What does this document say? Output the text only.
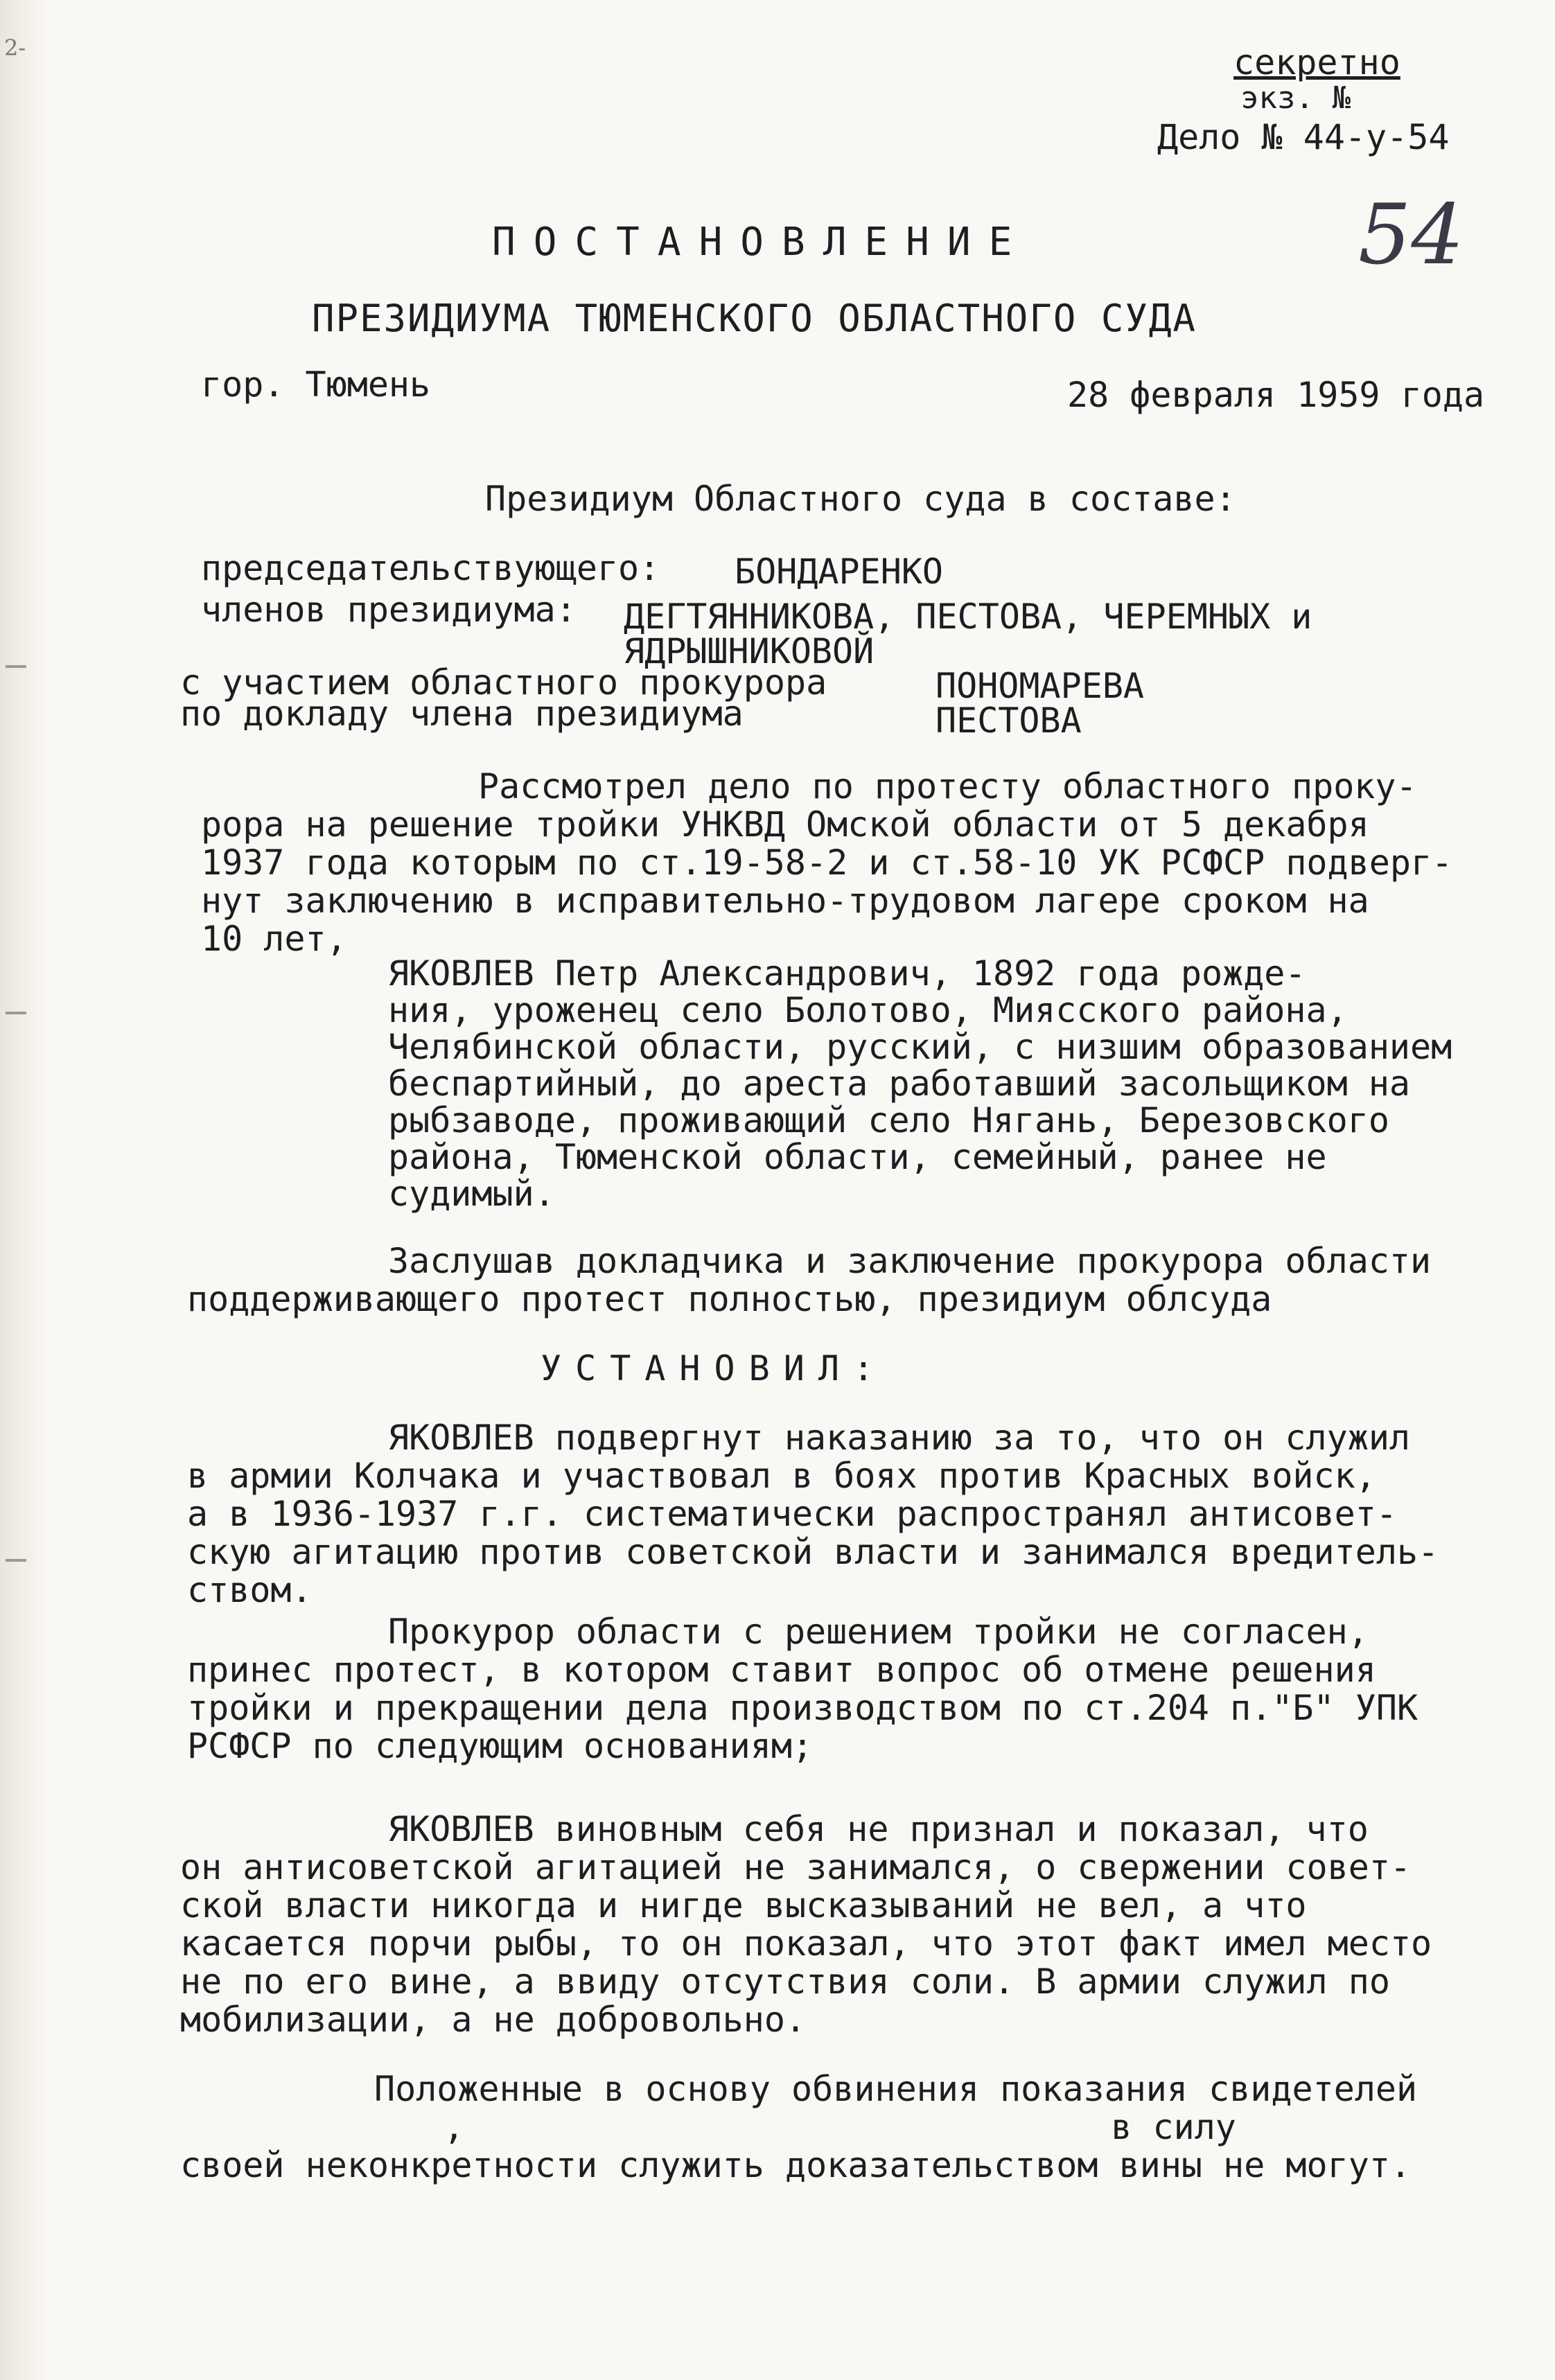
2-	секретно
экз. №
Дело № 44-у-54
54
ПОСТАНОВЛЕНИЕ
ПРЕЗИДИУМА ТЮМЕНСКОГО ОБЛАСТНОГО СУДА
гор. Тюмень	28 февраля 1959 года
Президиум Областного суда в составе:
председательствующего: БОНДАРЕНКО
членов президиума: ДЕГТЯННИКОВА, ПЕСТОВА, ЧЕРЕМНЫХ и
ЯДРЫШНИКОВОЙ
с участием областного прокурора	ПОНОМАРЕВА
по докладу члена президиума	ПЕСТОВА
Рассмотрел дело по протесту областного проку-
рора на решение тройки УНКВД Омской области от 5 декабря
1937 года которым по ст.19-58-2 и ст.58-10 УК РСФСР подверг-
нут заключению в исправительно-трудовом лагере сроком на
10 лет,
ЯКОВЛЕВ Петр Александрович, 1892 года рожде-
ния, уроженец село Болотово, Миясского района,
Челябинской области, русский, с низшим образованием
беспартийный, до ареста работавший засольщиком на
рыбзаводе, проживающий село Нягань, Березовского
района, Тюменской области, семейный, ранее не
судимый.
Заслушав докладчика и заключение прокурора области
поддерживающего протест полностью, президиум облсуда
УСТАНОВИЛ:
ЯКОВЛЕВ подвергнут наказанию за то, что он служил
в армии Колчака и участвовал в боях против Красных войск,
а в 1936-1937 г.г. систематически распространял антисовет-
скую агитацию против советской власти и занимался вредитель-
ством.
Прокурор области с решением тройки не согласен,
принес протест, в котором ставит вопрос об отмене решения
тройки и прекращении дела производством по ст.204 п."Б" УПК
РСФСР по следующим основаниям;
ЯКОВЛЕВ виновным себя не признал и показал, что
он антисоветской агитацией не занимался, о свержении совет-
ской власти никогда и нигде высказываний не вел, а что
касается порчи рыбы, то он показал, что этот факт имел место
не по его вине, а ввиду отсутствия соли. В армии служил по
мобилизации, а не добровольно.
Положенные в основу обвинения показания свидетелей
,                               в силу
своей неконкретности служить доказательством вины не могут.
